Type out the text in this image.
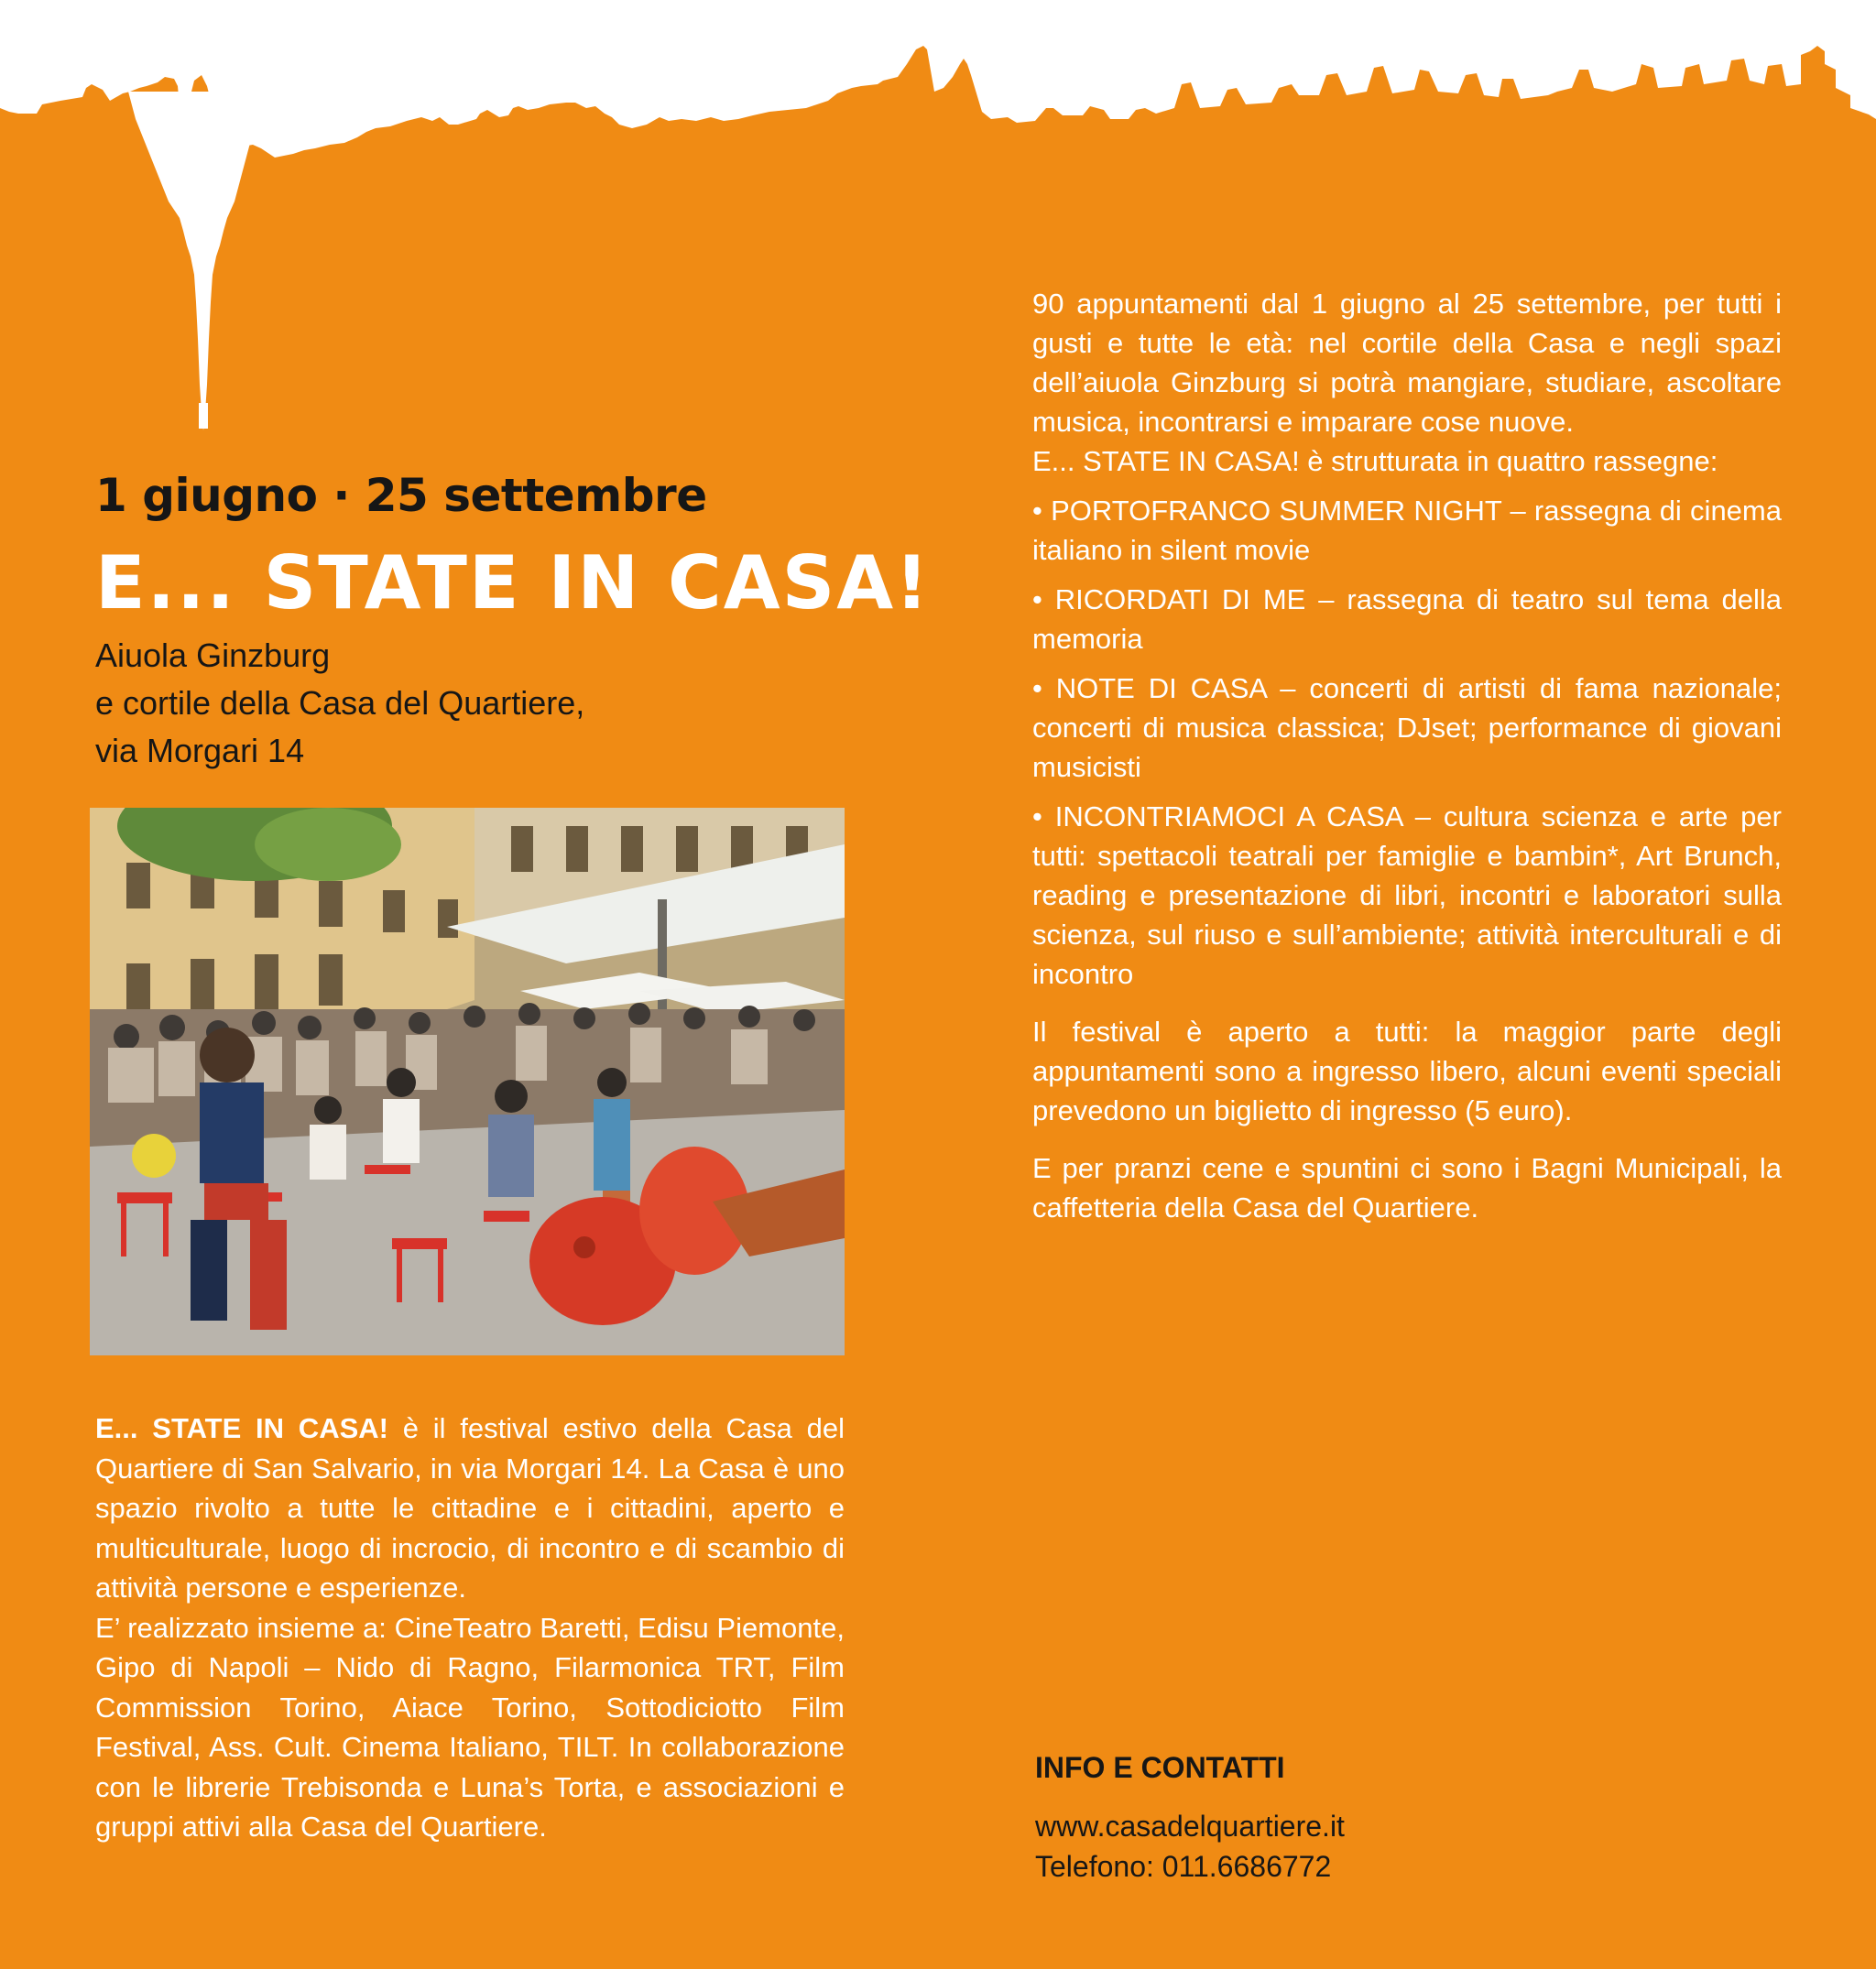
1 giugno · 25 settembre
E... STATE IN CASA!
Aiuola Ginzburg
e cortile della Casa del Quartiere,
via Morgari 14
E... STATE IN CASA! è il festival estivo della Casa del Quartiere di San Salvario, in via Morgari 14. La Casa è uno spazio rivolto a tutte le cittadine e i cittadini, aperto e multiculturale, luogo di incrocio, di incontro e di scambio di attività persone e esperienze.
E’ realizzato insieme a: CineTeatro Baretti, Edisu Piemonte, Gipo di Napoli – Nido di Ragno, Filarmonica TRT, Film Commission Torino, Aiace Torino, Sottodiciotto Film Festival, Ass. Cult. Cinema Italiano, TILT. In collaborazione con le librerie Trebisonda e Luna’s Torta, e associazioni e gruppi attivi alla Casa del Quartiere.

90 appuntamenti dal 1 giugno al 25 settembre, per tutti i gusti e tutte le età: nel cortile della Casa e negli spazi dell’aiuola Ginzburg si potrà mangiare, studiare, ascoltare musica, incontrarsi e imparare cose nuove.

E... STATE IN CASA! è strutturata in quattro rassegne:

• PORTOFRANCO SUMMER NIGHT – rassegna di cinema italiano in silent movie

• RICORDATI DI ME – rassegna di teatro sul tema della memoria

• NOTE DI CASA – concerti di artisti di fama nazionale; concerti di musica classica; DJset; performance di giovani musicisti

• INCONTRIAMOCI A CASA – cultura scienza e arte per tutti: spettacoli teatrali per famiglie e bambin*, Art Brunch, reading e presentazione di libri, incontri e laboratori sulla scienza, sul riuso e sull’ambiente; attività interculturali e di incontro

Il festival è aperto a tutti: la maggior parte degli appuntamenti sono a ingresso libero, alcuni eventi speciali prevedono un biglietto di ingresso (5 euro).

E per pranzi cene e spuntini ci sono i Bagni Municipali, la caffetteria della Casa del Quartiere.

INFO E CONTATTI
www.casadelquartiere.it
Telefono: 011.6686772
